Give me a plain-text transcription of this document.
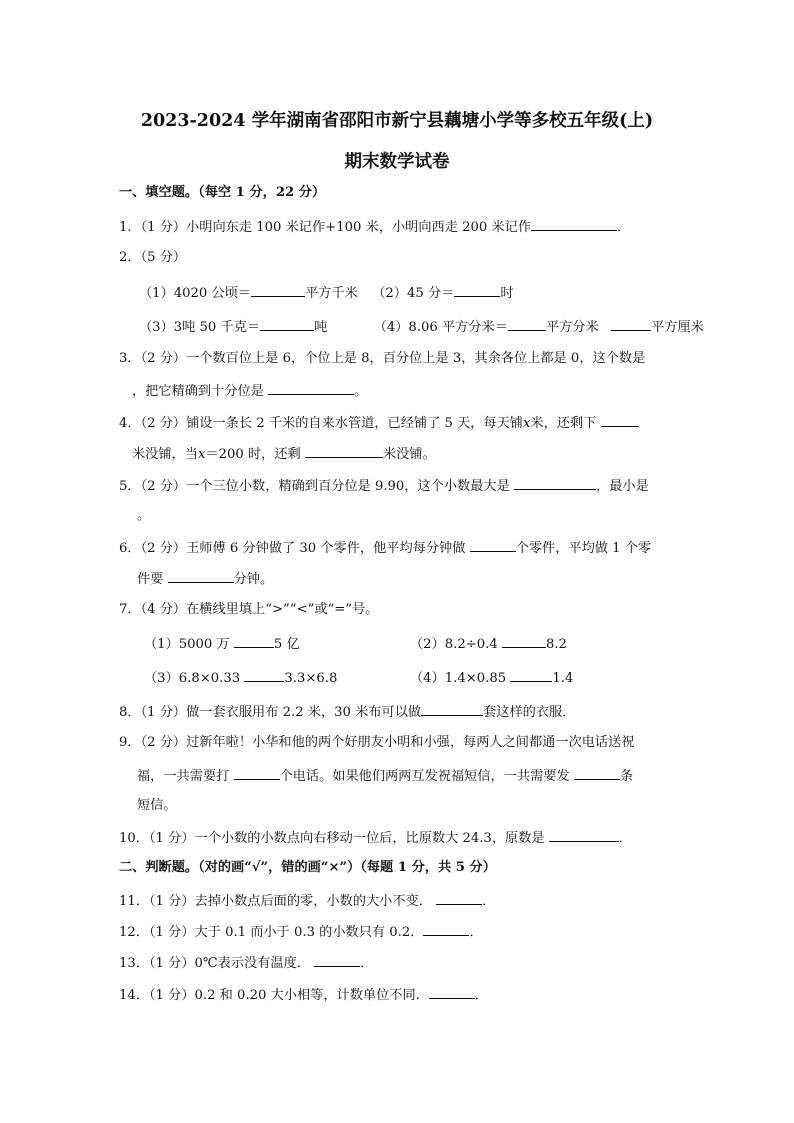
2023-2024 学年湖南省邵阳市新宁县藕塘小学等多校五年级(上)
期末数学试卷
一、填空题。（每空 1 分，22 分）
1．（1 分）小明向东走 100 米记作+100 米，小明向西走 200 米记作	．
2．（5 分）
（1）4020 公顷＝	平方千米 （2）45 分＝	时
（3）3吨 50 千克＝	吨	（4）8.06 平方分米＝	平方分米	平方厘米
3．（2 分）一个数百位上是 6，个位上是 8，百分位上是 3，其余各位上都是 0，这个数是
，把它精确到十分位是	。
4．（2 分）铺设一条长 2 千米的自来水管道，已经铺了 5 天，每天铺x米，还剩下
米没铺，当x＝200 时，还剩	米没铺。
5．（2 分）一个三位小数，精确到百分位是 9.90，这个小数最大是	，最小是
。
6．（2 分）王师傅 6 分钟做了 30 个零件，他平均每分钟做	个零件，平均做 1 个零
件要	分钟。
7．（4 分）在横线里填上“>”“<”或“=”号。
（1）5000 万	5 亿	（2）8.2÷0.4	8.2
（3）6.8×0.33	3.3×6.8	（4）1.4×0.85	1.4
8．（1 分）做一套衣服用布 2.2 米，30 米布可以做	套这样的衣服．
9．（2 分）过新年啦！小华和他的两个好朋友小明和小强，每两人之间都通一次电话送祝
福，一共需要打	个电话。如果他们两两互发祝福短信，一共需要发	条
短信。
10．（1 分）一个小数的小数点向右移动一位后，比原数大 24.3，原数是	．
二、判断题。（对的画“√”，错的画“×”）（每题 1 分，共 5 分）
11．（1 分）去掉小数点后面的零，小数的大小不变．	．
12．（1 分）大于 0.1 而小于 0.3 的小数只有 0.2．	．
13．（1 分）0℃表示没有温度．	．
14．（1 分）0.2 和 0.20 大小相等，计数单位不同．	．
